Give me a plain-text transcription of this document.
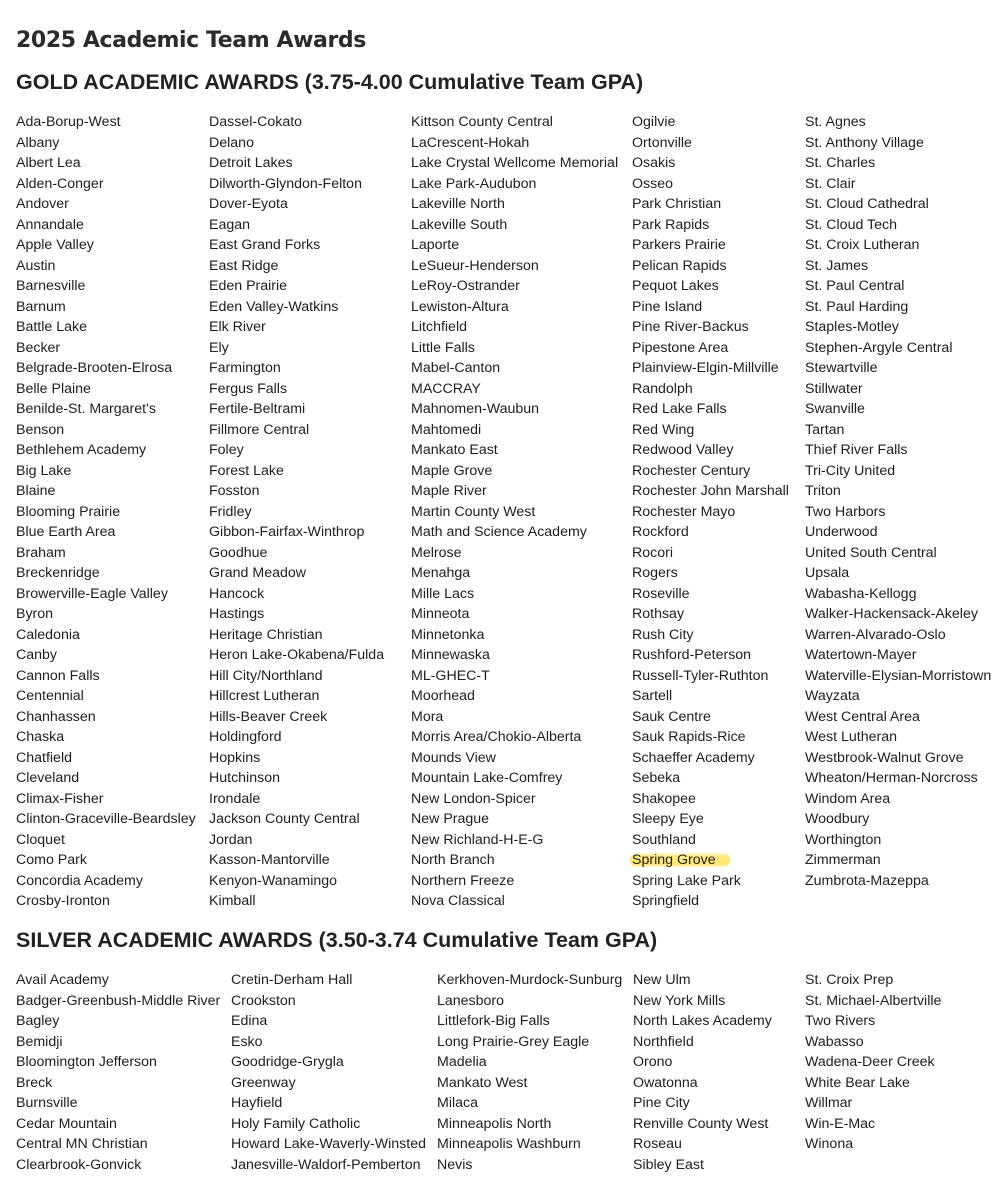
2025 Academic Team Awards
GOLD ACADEMIC AWARDS (3.75-4.00 Cumulative Team GPA)
Ada-Borup-West
Albany
Albert Lea
Alden-Conger
Andover
Annandale
Apple Valley
Austin
Barnesville
Barnum
Battle Lake
Becker
Belgrade-Brooten-Elrosa
Belle Plaine
Benilde-St. Margaret's
Benson
Bethlehem Academy
Big Lake
Blaine
Blooming Prairie
Blue Earth Area
Braham
Breckenridge
Browerville-Eagle Valley
Byron
Caledonia
Canby
Cannon Falls
Centennial
Chanhassen
Chaska
Chatfield
Cleveland
Climax-Fisher
Clinton-Graceville-Beardsley
Cloquet
Como Park
Concordia Academy
Crosby-Ironton
Dassel-Cokato
Delano
Detroit Lakes
Dilworth-Glyndon-Felton
Dover-Eyota
Eagan
East Grand Forks
East Ridge
Eden Prairie
Eden Valley-Watkins
Elk River
Ely
Farmington
Fergus Falls
Fertile-Beltrami
Fillmore Central
Foley
Forest Lake
Fosston
Fridley
Gibbon-Fairfax-Winthrop
Goodhue
Grand Meadow
Hancock
Hastings
Heritage Christian
Heron Lake-Okabena/Fulda
Hill City/Northland
Hillcrest Lutheran
Hills-Beaver Creek
Holdingford
Hopkins
Hutchinson
Irondale
Jackson County Central
Jordan
Kasson-Mantorville
Kenyon-Wanamingo
Kimball
Kittson County Central
LaCrescent-Hokah
Lake Crystal Wellcome Memorial
Lake Park-Audubon
Lakeville North
Lakeville South
Laporte
LeSueur-Henderson
LeRoy-Ostrander
Lewiston-Altura
Litchfield
Little Falls
Mabel-Canton
MACCRAY
Mahnomen-Waubun
Mahtomedi
Mankato East
Maple Grove
Maple River
Martin County West
Math and Science Academy
Melrose
Menahga
Mille Lacs
Minneota
Minnetonka
Minnewaska
ML-GHEC-T
Moorhead
Mora
Morris Area/Chokio-Alberta
Mounds View
Mountain Lake-Comfrey
New London-Spicer
New Prague
New Richland-H-E-G
North Branch
Northern Freeze
Nova Classical
Ogilvie
Ortonville
Osakis
Osseo
Park Christian
Park Rapids
Parkers Prairie
Pelican Rapids
Pequot Lakes
Pine Island
Pine River-Backus
Pipestone Area
Plainview-Elgin-Millville
Randolph
Red Lake Falls
Red Wing
Redwood Valley
Rochester Century
Rochester John Marshall
Rochester Mayo
Rockford
Rocori
Rogers
Roseville
Rothsay
Rush City
Rushford-Peterson
Russell-Tyler-Ruthton
Sartell
Sauk Centre
Sauk Rapids-Rice
Schaeffer Academy
Sebeka
Shakopee
Sleepy Eye
Southland
Spring Grove
Spring Lake Park
Springfield
St. Agnes
St. Anthony Village
St. Charles
St. Clair
St. Cloud Cathedral
St. Cloud Tech
St. Croix Lutheran
St. James
St. Paul Central
St. Paul Harding
Staples-Motley
Stephen-Argyle Central
Stewartville
Stillwater
Swanville
Tartan
Thief River Falls
Tri-City United
Triton
Two Harbors
Underwood
United South Central
Upsala
Wabasha-Kellogg
Walker-Hackensack-Akeley
Warren-Alvarado-Oslo
Watertown-Mayer
Waterville-Elysian-Morristown
Wayzata
West Central Area
West Lutheran
Westbrook-Walnut Grove
Wheaton/Herman-Norcross
Windom Area
Woodbury
Worthington
Zimmerman
Zumbrota-Mazeppa
SILVER ACADEMIC AWARDS (3.50-3.74 Cumulative Team GPA)
Avail Academy
Badger-Greenbush-Middle River
Bagley
Bemidji
Bloomington Jefferson
Breck
Burnsville
Cedar Mountain
Central MN Christian
Clearbrook-Gonvick
Cretin-Derham Hall
Crookston
Edina
Esko
Goodridge-Grygla
Greenway
Hayfield
Holy Family Catholic
Howard Lake-Waverly-Winsted
Janesville-Waldorf-Pemberton
Kerkhoven-Murdock-Sunburg
Lanesboro
Littlefork-Big Falls
Long Prairie-Grey Eagle
Madelia
Mankato West
Milaca
Minneapolis North
Minneapolis Washburn
Nevis
New Ulm
New York Mills
North Lakes Academy
Northfield
Orono
Owatonna
Pine City
Renville County West
Roseau
Sibley East
St. Croix Prep
St. Michael-Albertville
Two Rivers
Wabasso
Wadena-Deer Creek
White Bear Lake
Willmar
Win-E-Mac
Winona
